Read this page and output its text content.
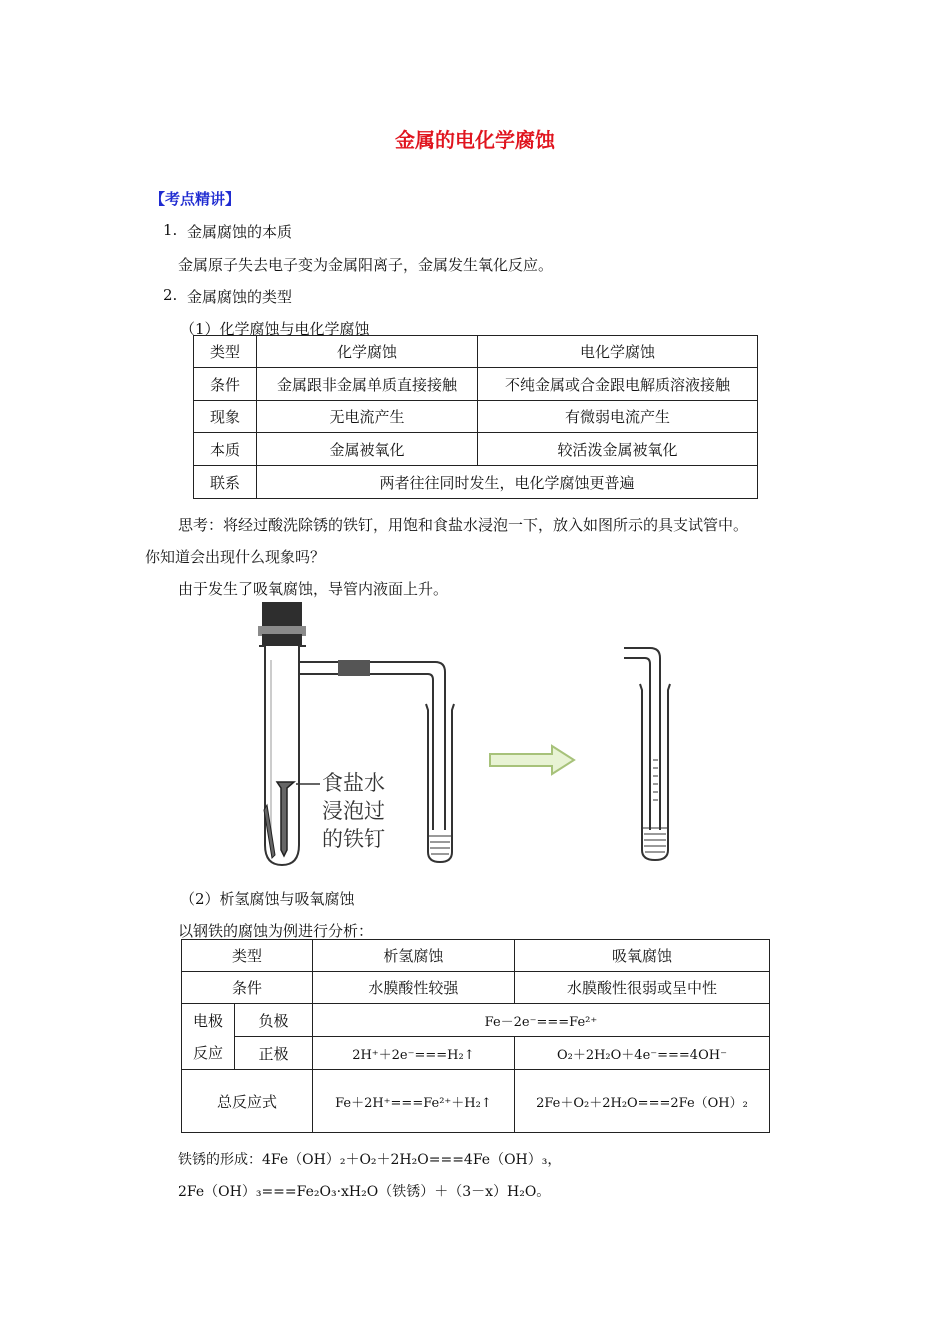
金属的电化学腐蚀
【考点精讲】
1. 金属腐蚀的本质
金属原子失去电子变为金属阳离子，金属发生氧化反应。
2. 金属腐蚀的类型
（1）化学腐蚀与电化学腐蚀
类型	化学腐蚀	电化学腐蚀
条件	金属跟非金属单质直接接触	不纯金属或合金跟电解质溶液接触
现象	无电流产生	有微弱电流产生
本质	金属被氧化	较活泼金属被氧化
联系	两者往往同时发生，电化学腐蚀更普遍	
思考：将经过酸洗除锈的铁钉，用饱和食盐水浸泡一下，放入如图所示的具支试管中。
你知道会出现什么现象吗？
由于发生了吸氧腐蚀，导管内液面上升。
食盐水
浸泡过
的铁钉
（2）析氢腐蚀与吸氧腐蚀
以钢铁的腐蚀为例进行分析：
类型		析氢腐蚀	吸氧腐蚀
条件		水膜酸性较强	水膜酸性很弱或呈中性
电极
反应	负极	Fe－2e⁻===Fe²⁺	
	正极	2H⁺＋2e⁻===H₂↑	O₂＋2H₂O＋4e⁻===4OH⁻
总反应式		Fe＋2H⁺===Fe²⁺＋H₂↑	2Fe＋O₂＋2H₂O===2Fe（OH）₂
铁锈的形成：4Fe（OH）₂＋O₂＋2H₂O===4Fe（OH）₃，
2Fe（OH）₃===Fe₂O₃·xH₂O（铁锈）＋（3－x）H₂O。
